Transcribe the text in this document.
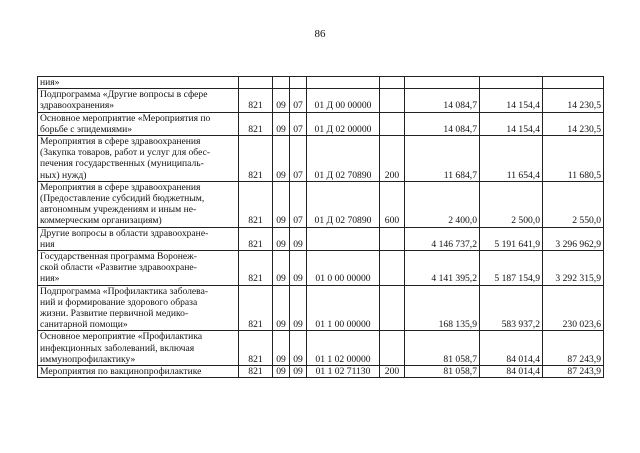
86
ния»								

Подпрограмма «Другие вопросы в сфере
здравоохранения»	821	09	07	01 Д 00 00000		14 084,7	14 154,4	14 230,5

Основное мероприятие «Мероприятия по
борьбе с эпидемиями»	821	09	07	01 Д 02 00000		14 084,7	14 154,4	14 230,5

Мероприятия в сфере здравоохранения
(Закупка товаров, работ и услуг для обес-
печения государственных (муниципаль-
ных) нужд)	821	09	07	01 Д 02 70890	200	11 684,7	11 654,4	11 680,5

Мероприятия в сфере здравоохранения
(Предоставление субсидий бюджетным,
автономным учреждениям и иным не-
коммерческим организациям)	821	09	07	01 Д 02 70890	600	2 400,0	2 500,0	2 550,0

Другие вопросы в области здравоохране-
ния	821	09	09			4 146 737,2	5 191 641,9	3 296 962,9

Государственная программа Воронеж-
ской области «Развитие здравоохране-
ния»	821	09	09	01 0 00 00000		4 141 395,2	5 187 154,9	3 292 315,9

Подпрограмма «Профилактика заболева-
ний и формирование здорового образа
жизни. Развитие первичной медико-
санитарной помощи»	821	09	09	01 1 00 00000		168 135,9	583 937,2	230 023,6

Основное мероприятие «Профилактика
инфекционных заболеваний, включая
иммунопрофилактику»	821	09	09	01 1 02 00000		81 058,7	84 014,4	87 243,9

Мероприятия по вакцинопрофилактике	821	09	09	01 1 02 71130	200	81 058,7	84 014,4	87 243,9
